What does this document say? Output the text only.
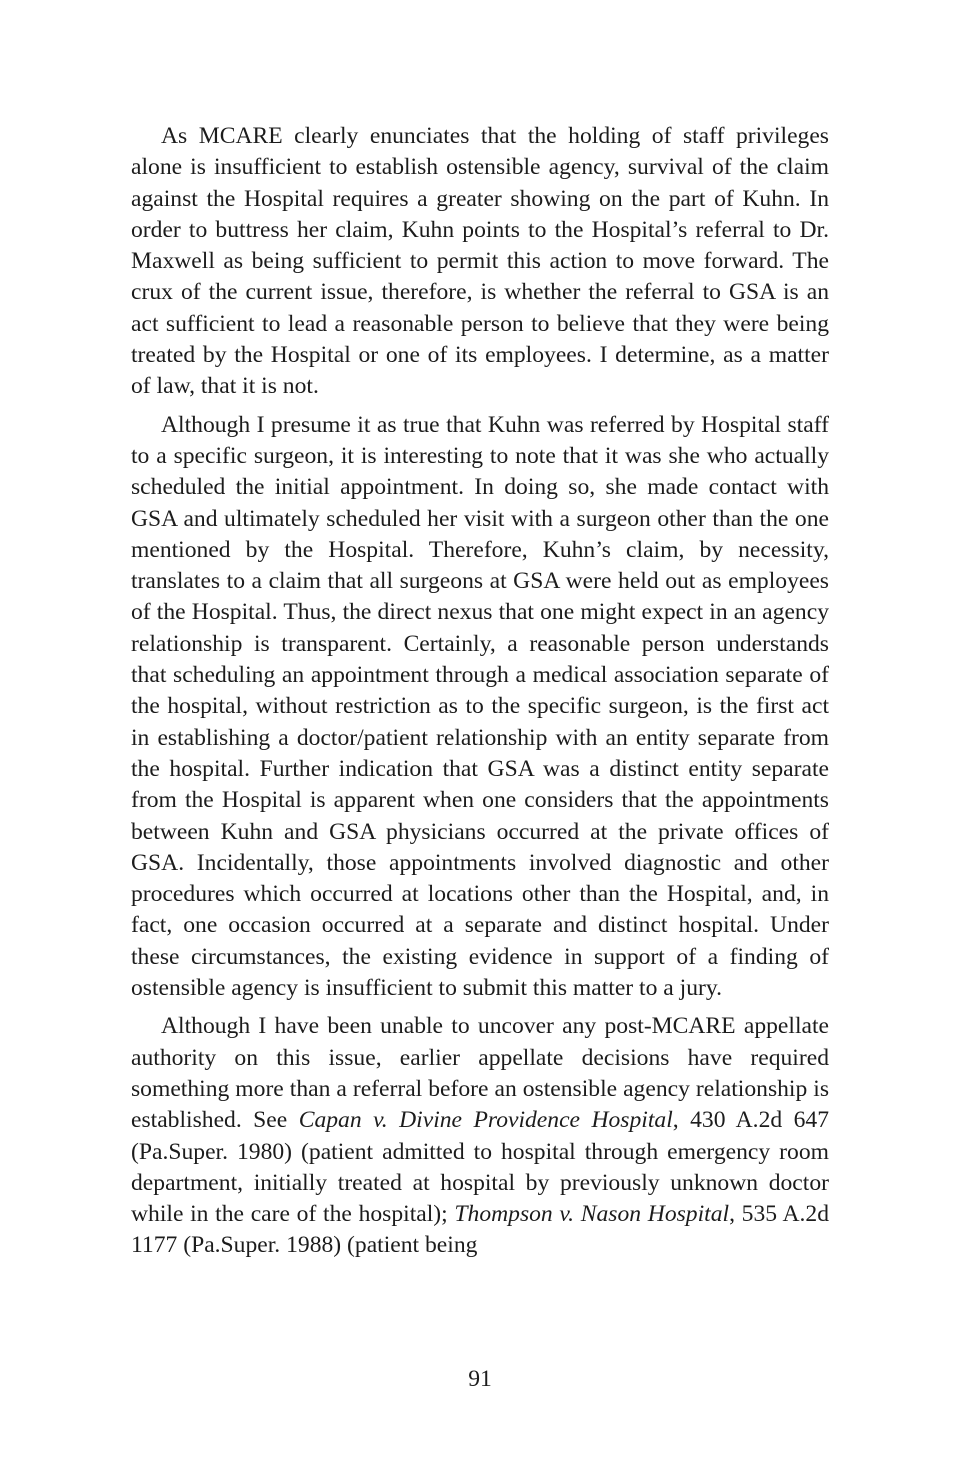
As MCARE clearly enunciates that the holding of staff privileges alone is insufficient to establish ostensible agency, survival of the claim against the Hospital requires a greater showing on the part of Kuhn. In order to buttress her claim, Kuhn points to the Hospital’s referral to Dr. Maxwell as being sufficient to permit this action to move forward. The crux of the current issue, therefore, is whether the referral to GSA is an act sufficient to lead a reasonable person to believe that they were being treated by the Hospital or one of its employees. I determine, as a matter of law, that it is not.

Although I presume it as true that Kuhn was referred by Hospital staff to a specific surgeon, it is interesting to note that it was she who actually scheduled the initial appointment. In doing so, she made contact with GSA and ultimately scheduled her visit with a surgeon other than the one mentioned by the Hospital. Therefore, Kuhn’s claim, by necessity, translates to a claim that all surgeons at GSA were held out as employees of the Hospital. Thus, the direct nexus that one might expect in an agency relationship is transparent. Certainly, a reasonable person understands that scheduling an appointment through a medical association separate of the hospital, without restriction as to the specific surgeon, is the first act in establishing a doctor/patient relationship with an entity separate from the hospital. Further indication that GSA was a distinct entity separate from the Hospital is apparent when one considers that the appointments between Kuhn and GSA physicians occurred at the private offices of GSA. Incidentally, those appointments involved diagnostic and other procedures which occurred at locations other than the Hospital, and, in fact, one occasion occurred at a separate and distinct hospital. Under these circumstances, the existing evidence in support of a finding of ostensible agency is insufficient to submit this matter to a jury.

Although I have been unable to uncover any post-MCARE appellate authority on this issue, earlier appellate decisions have required something more than a referral before an ostensible agency relationship is established. See Capan v. Divine Providence Hospital, 430 A.2d 647 (Pa.Super. 1980) (patient admitted to hospital through emergency room department, initially treated at hospital by previously unknown doctor while in the care of the hospital); Thompson v. Nason Hospital, 535 A.2d 1177 (Pa.Super. 1988) (patient being

91
